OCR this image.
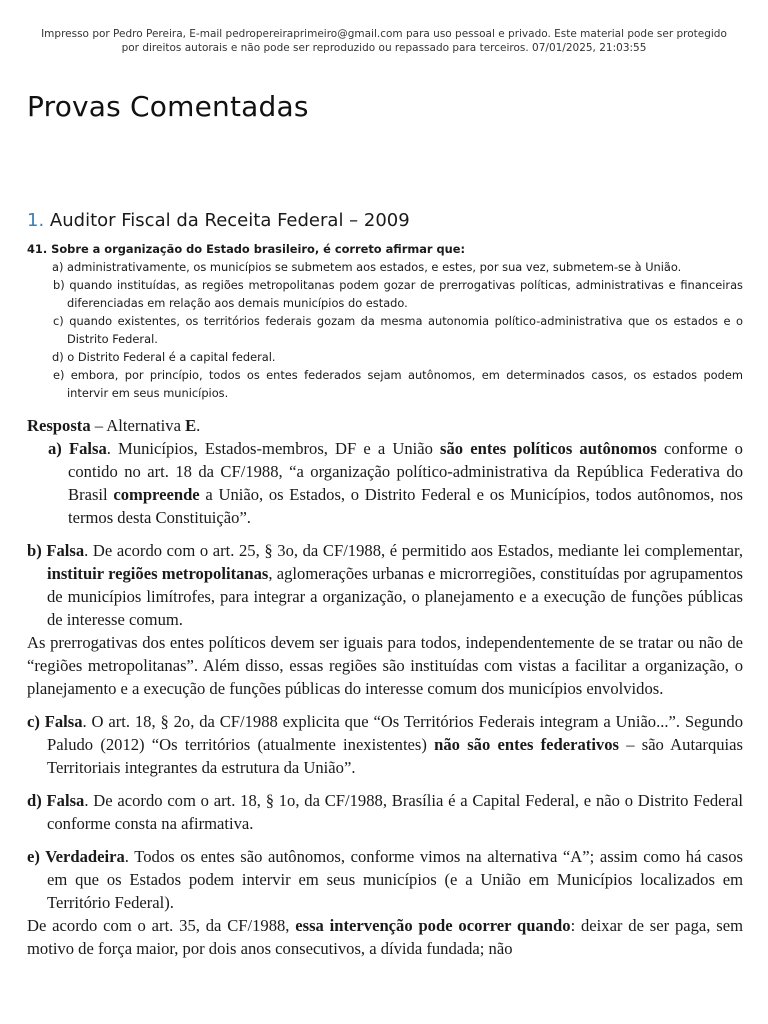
Impresso por Pedro Pereira, E-mail pedropereiraprimeiro@gmail.com para uso pessoal e privado. Este material pode ser protegido
por direitos autorais e não pode ser reproduzido ou repassado para terceiros. 07/01/2025, 21:03:55
Provas Comentadas
1. Auditor Fiscal da Receita Federal – 2009
41. Sobre a organização do Estado brasileiro, é correto afirmar que:
a) administrativamente, os municípios se submetem aos estados, e estes, por sua vez, submetem-se à União.
b) quando instituídas, as regiões metropolitanas podem gozar de prerrogativas políticas, administrativas e financeiras diferenciadas em relação aos demais municípios do estado.
c) quando existentes, os territórios federais gozam da mesma autonomia político-administrativa que os estados e o Distrito Federal.
d) o Distrito Federal é a capital federal.
e) embora, por princípio, todos os entes federados sejam autônomos, em determinados casos, os estados podem intervir em seus municípios.

Resposta – Alternativa E.

a) Falsa. Municípios, Estados-membros, DF e a União são entes políticos autônomos conforme o contido no art. 18 da CF/1988, “a organização político-administrativa da República Federativa do Brasil compreende a União, os Estados, o Distrito Federal e os Municípios, todos autônomos, nos termos desta Constituição”.

b) Falsa. De acordo com o art. 25, § 3o, da CF/1988, é permitido aos Estados, mediante lei complementar, instituir regiões metropolitanas, aglomerações urbanas e microrregiões, constituídas por agrupamentos de municípios limítrofes, para integrar a organização, o planejamento e a execução de funções públicas de interesse comum.

As prerrogativas dos entes políticos devem ser iguais para todos, independentemente de se tratar ou não de “regiões metropolitanas”. Além disso, essas regiões são instituídas com vistas a facilitar a organização, o planejamento e a execução de funções públicas do interesse comum dos municípios envolvidos.

c) Falsa. O art. 18, § 2o, da CF/1988 explicita que “Os Territórios Federais integram a União...”. Segundo Paludo (2012) “Os territórios (atualmente inexistentes) não são entes federativos – são Autarquias Territoriais integrantes da estrutura da União”.

d) Falsa. De acordo com o art. 18, § 1o, da CF/1988, Brasília é a Capital Federal, e não o Distrito Federal conforme consta na afirmativa.

e) Verdadeira. Todos os entes são autônomos, conforme vimos na alternativa “A”; assim como há casos em que os Estados podem intervir em seus municípios (e a União em Municípios localizados em Território Federal).

De acordo com o art. 35, da CF/1988, essa intervenção pode ocorrer quando: deixar de ser paga, sem motivo de força maior, por dois anos consecutivos, a dívida fundada; não
